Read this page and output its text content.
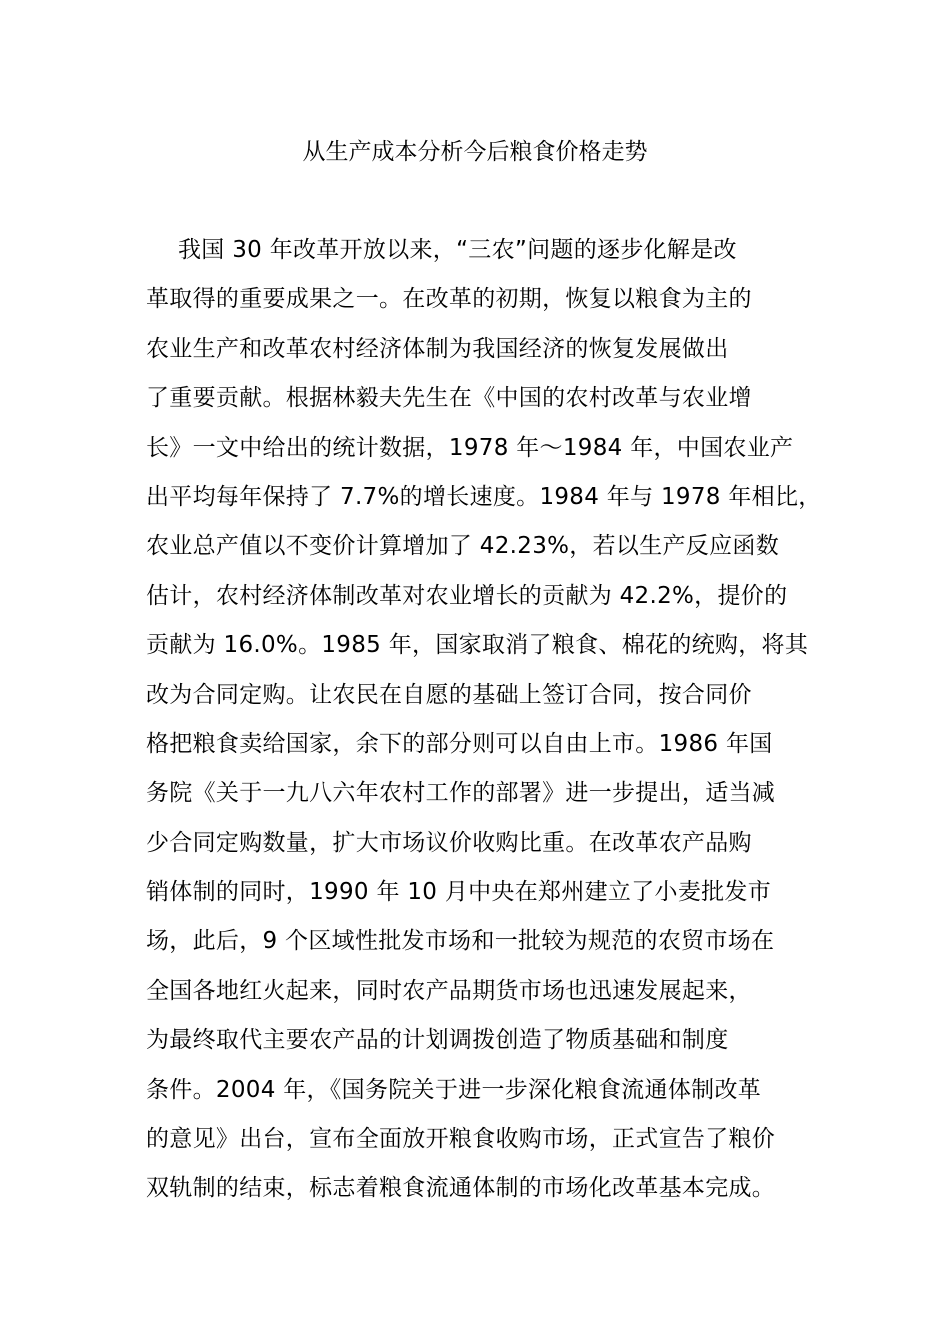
从生产成本分析今后粮食价格走势
我国 30 年改革开放以来，“三农”问题的逐步化解是改
革取得的重要成果之一。在改革的初期，恢复以粮食为主的
农业生产和改革农村经济体制为我国经济的恢复发展做出
了重要贡献。根据林毅夫先生在《中国的农村改革与农业增
长》一文中给出的统计数据，1978 年～1984 年，中国农业产
出平均每年保持了 7.7%的增长速度。1984 年与 1978 年相比，
农业总产值以不变价计算增加了 42.23%，若以生产反应函数
估计，农村经济体制改革对农业增长的贡献为 42.2%，提价的
贡献为 16.0%。1985 年，国家取消了粮食、棉花的统购，将其
改为合同定购。让农民在自愿的基础上签订合同，按合同价
格把粮食卖给国家，余下的部分则可以自由上市。1986 年国
务院《关于一九八六年农村工作的部署》进一步提出，适当减
少合同定购数量，扩大市场议价收购比重。在改革农产品购
销体制的同时，1990 年 10 月中央在郑州建立了小麦批发市
场，此后，9 个区域性批发市场和一批较为规范的农贸市场在
全国各地红火起来，同时农产品期货市场也迅速发展起来，
为最终取代主要农产品的计划调拨创造了物质基础和制度
条件。2004 年，《国务院关于进一步深化粮食流通体制改革
的意见》出台，宣布全面放开粮食收购市场，正式宣告了粮价
双轨制的结束，标志着粮食流通体制的市场化改革基本完成。
